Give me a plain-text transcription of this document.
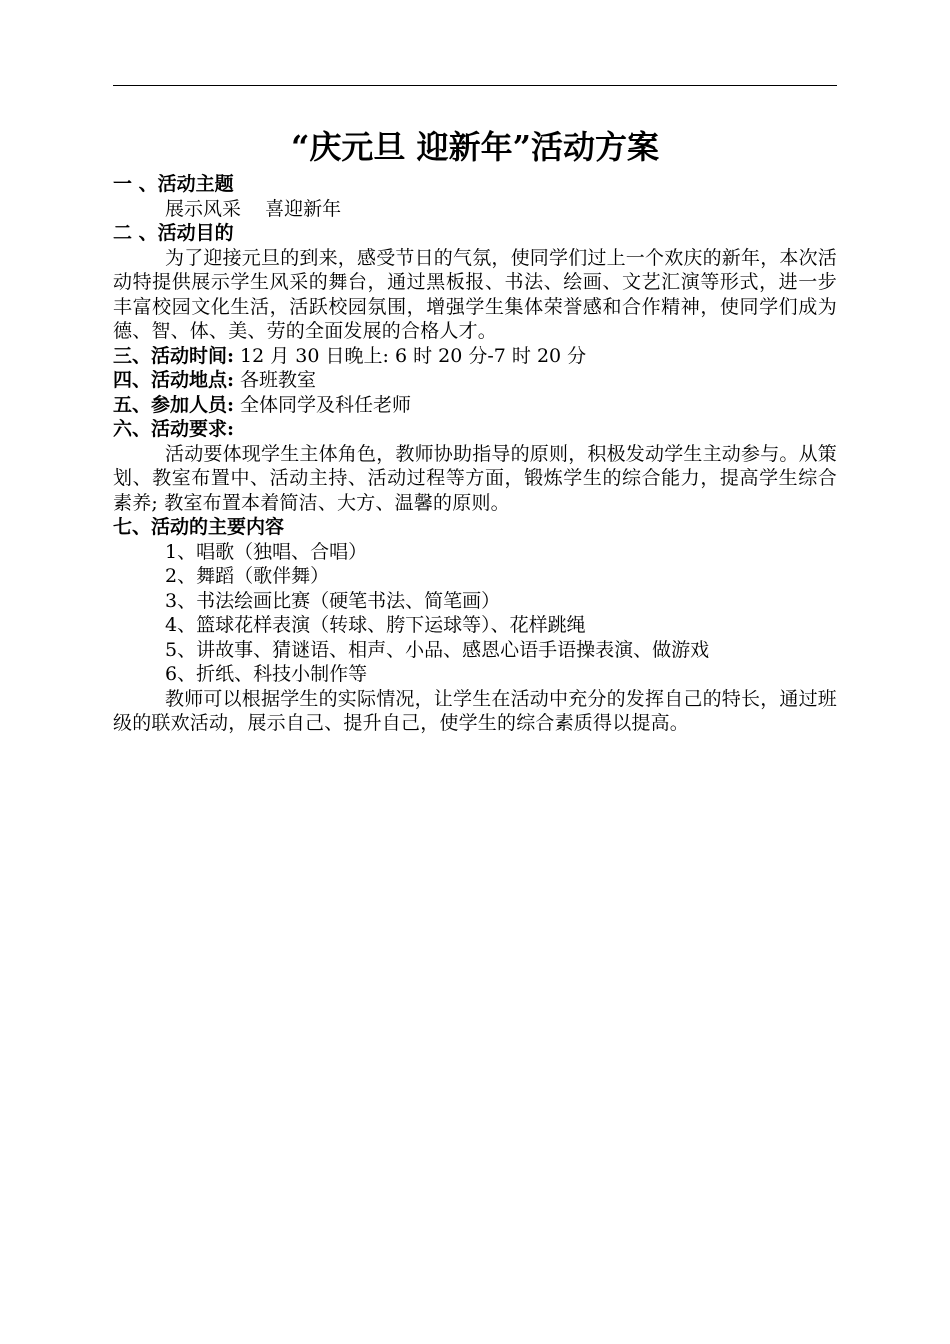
“庆元旦 迎新年”活动方案
一 、活动主题
展示风采    喜迎新年
二 、活动目的
为了迎接元旦的到来，感受节日的气氛，使同学们过上一个欢庆的新年，本次活动特提供展示学生风采的舞台，通过黑板报、书法、绘画、文艺汇演等形式，进一步丰富校园文化生活，活跃校园氛围，增强学生集体荣誉感和合作精神，使同学们成为德、智、体、美、劳的全面发展的合格人才。
三、活动时间: 12 月 30 日晚上: 6 时 20 分-7 时 20 分
四、活动地点: 各班教室
五、参加人员: 全体同学及科任老师
六、活动要求:
活动要体现学生主体角色，教师协助指导的原则，积极发动学生主动参与。从策划、教室布置中、活动主持、活动过程等方面，锻炼学生的综合能力，提高学生综合素养; 教室布置本着简洁、大方、温馨的原则。
七、活动的主要内容
1、唱歌（独唱、合唱）
2、舞蹈（歌伴舞）
3、书法绘画比赛（硬笔书法、简笔画）
4、篮球花样表演（转球、胯下运球等）、花样跳绳
5、讲故事、猜谜语、相声、小品、感恩心语手语操表演、做游戏
6、折纸、科技小制作等
教师可以根据学生的实际情况，让学生在活动中充分的发挥自己的特长，通过班级的联欢活动，展示自己、提升自己，使学生的综合素质得以提高。
